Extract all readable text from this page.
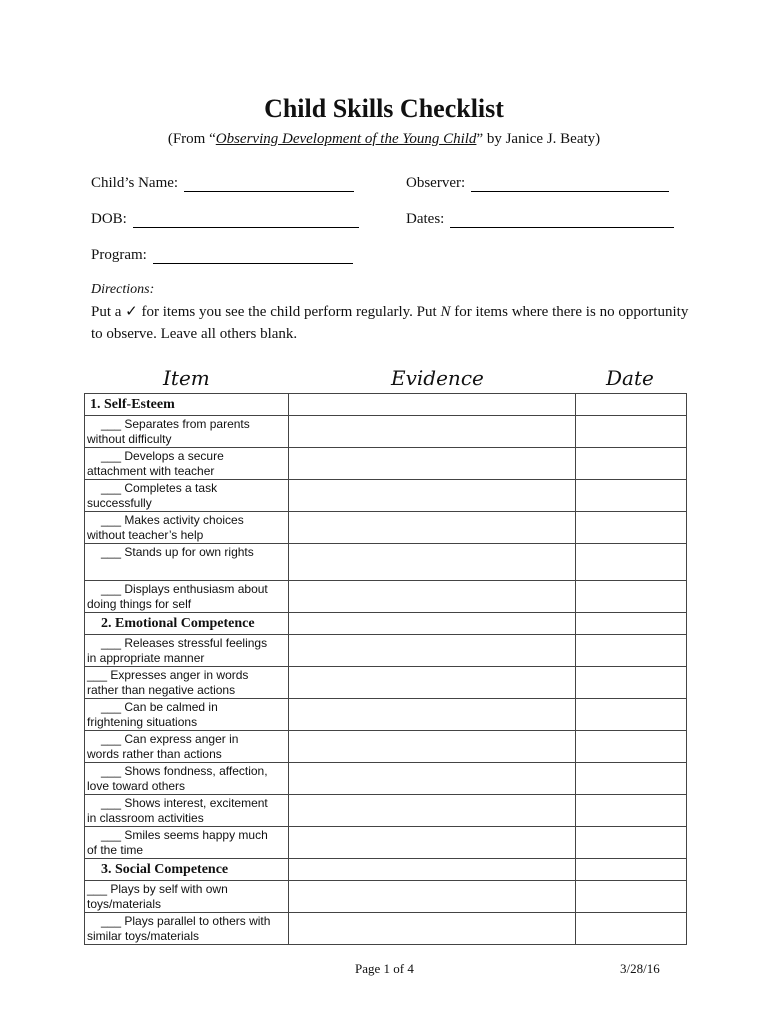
Child Skills Checklist
(From “Observing Development of the Young Child” by Janice J. Beaty)
Child’s Name:	Observer:
DOB:	Dates:
Program:
Directions:
Put a ✓ for items you see the child perform regularly. Put N for items where there is no opportunity to observe. Leave all others blank.
Item	Evidence	Date
1. Self-Esteem		

___ Separates from parents
without difficulty		

___ Develops a secure
attachment with teacher		

___ Completes a task
successfully		

___ Makes activity choices
without teacher’s help		

___ Stands up for own rights		

___ Displays enthusiasm about
doing things for self		

2. Emotional Competence		

___ Releases stressful feelings
in appropriate manner		

___ Expresses anger in words
rather than negative actions		

___ Can be calmed in
frightening situations		

___ Can express anger in
words rather than actions		

___ Shows fondness, affection,
love toward others		

___ Shows interest, excitement
in classroom activities		

___ Smiles seems happy much
of the time		

3. Social Competence		

___ Plays by self with own
toys/materials		

___ Plays parallel to others with
similar toys/materials		

Page 1 of 4	3/28/16
